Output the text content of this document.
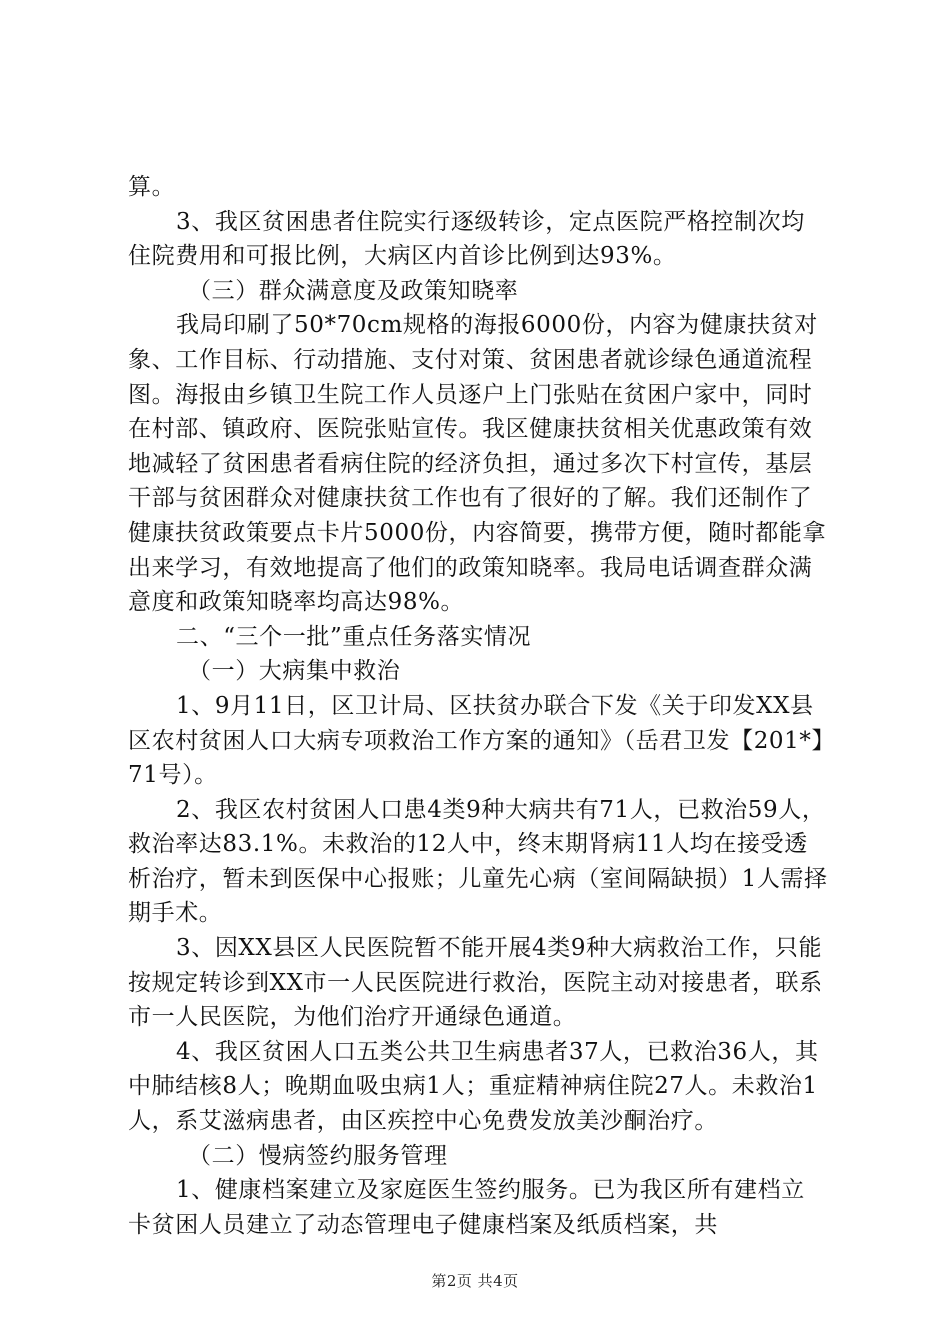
算。

3、我区贫困患者住院实行逐级转诊，定点医院严格控制次均住院费用和可报比例，大病区内首诊比例到达93%。

（三）群众满意度及政策知晓率

我局印刷了50*70cm规格的海报6000份，内容为健康扶贫对象、工作目标、行动措施、支付对策、贫困患者就诊绿色通道流程图。海报由乡镇卫生院工作人员逐户上门张贴在贫困户家中，同时在村部、镇政府、医院张贴宣传。我区健康扶贫相关优惠政策有效地减轻了贫困患者看病住院的经济负担，通过多次下村宣传，基层干部与贫困群众对健康扶贫工作也有了很好的了解。我们还制作了健康扶贫政策要点卡片5000份，内容简要，携带方便，随时都能拿出来学习，有效地提高了他们的政策知晓率。我局电话调查群众满意度和政策知晓率均高达98%。

二、“三个一批”重点任务落实情况

（一）大病集中救治

1、9月11日，区卫计局、区扶贫办联合下发《关于印发XX县区农村贫困人口大病专项救治工作方案的通知》（岳君卫发【201*】71号）。

2、我区农村贫困人口患4类9种大病共有71人，已救治59人，救治率达83.1%。未救治的12人中，终末期肾病11人均在接受透析治疗，暂未到医保中心报账；儿童先心病（室间隔缺损）1人需择期手术。

3、因XX县区人民医院暂不能开展4类9种大病救治工作，只能按规定转诊到XX市一人民医院进行救治，医院主动对接患者，联系市一人民医院，为他们治疗开通绿色通道。

4、我区贫困人口五类公共卫生病患者37人，已救治36人，其中肺结核8人；晚期血吸虫病1人；重症精神病住院27人。未救治1人，系艾滋病患者，由区疾控中心免费发放美沙酮治疗。

（二）慢病签约服务管理

1、健康档案建立及家庭医生签约服务。已为我区所有建档立卡贫困人员建立了动态管理电子健康档案及纸质档案，共

第2页 共4页
